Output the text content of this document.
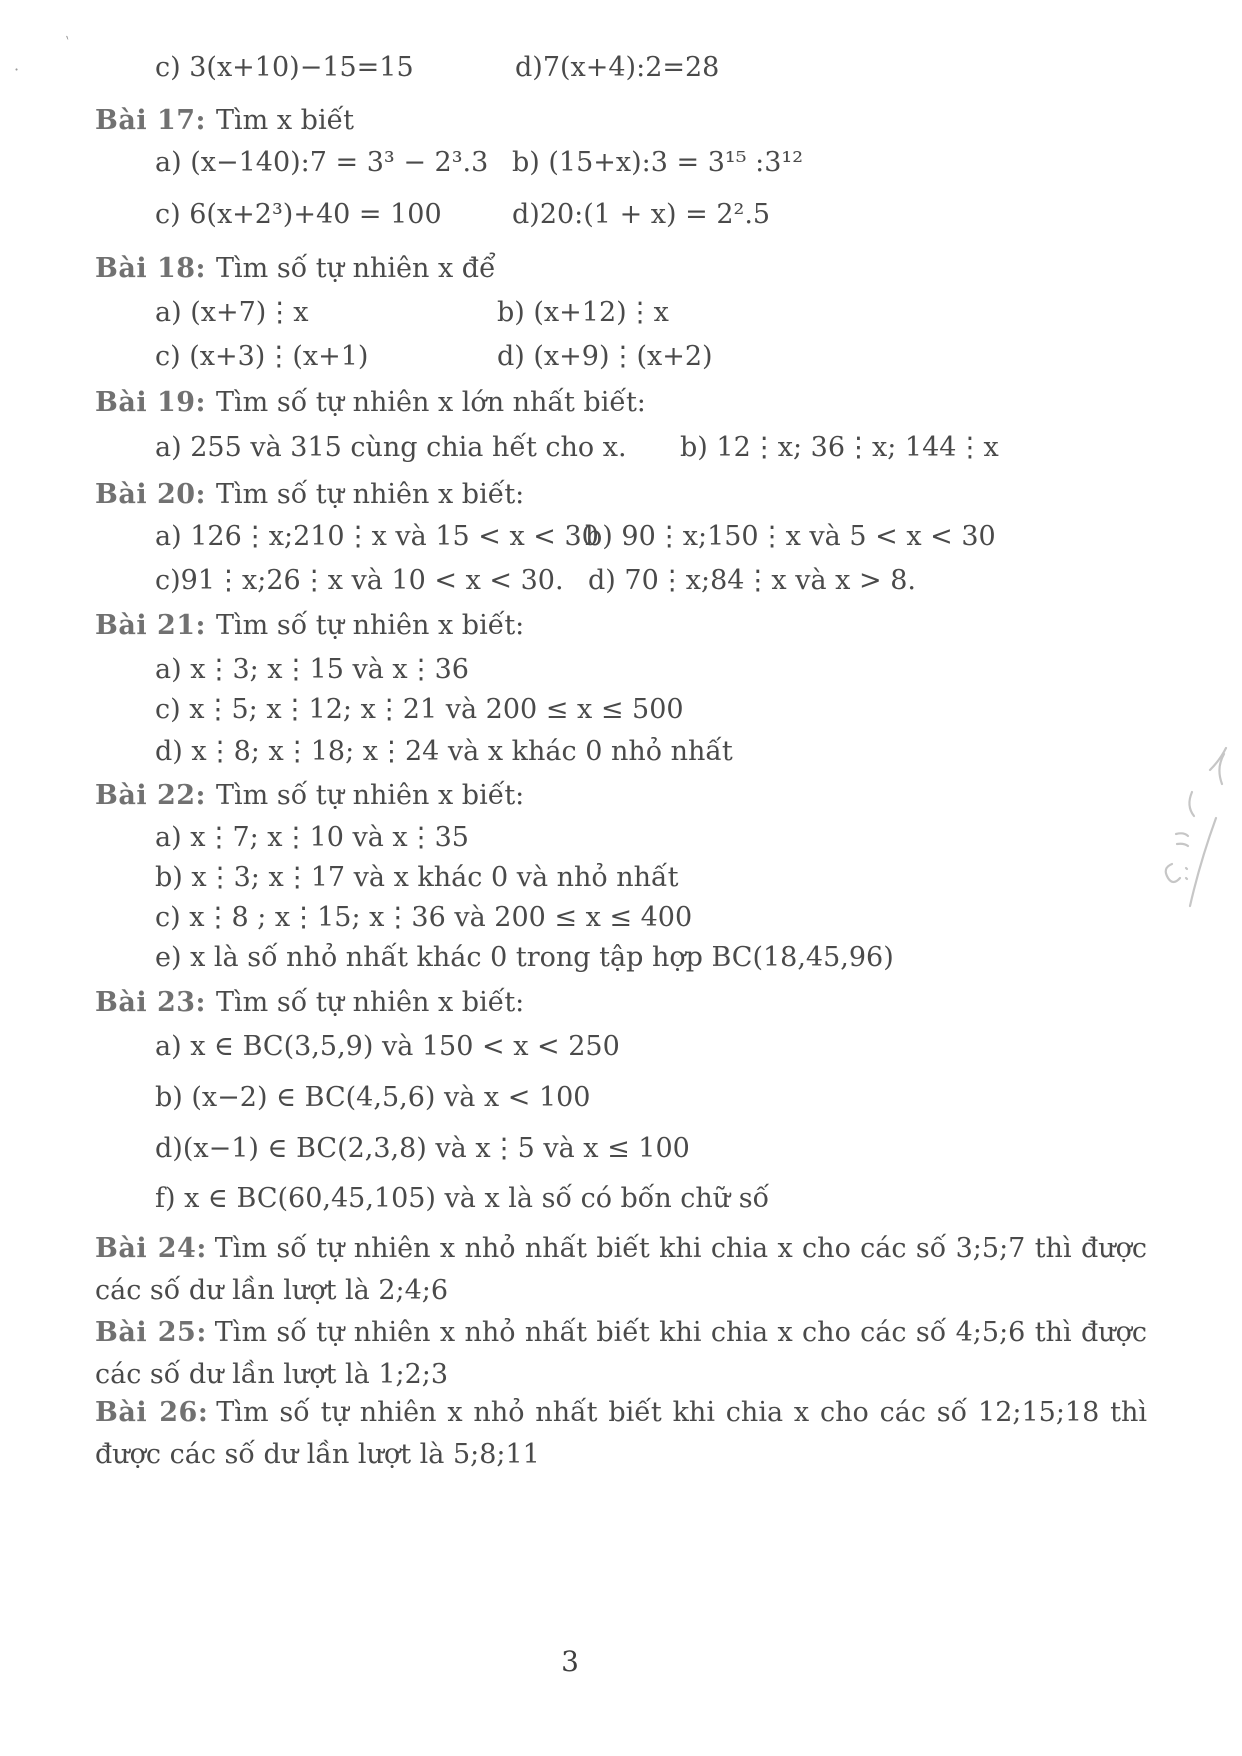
`
·	c) 3(x+10)−15=15	d)7(x+4):2=28
Bài 17: Tìm x biết
a) (x−140):7 = 3³ − 2³.3 b) (15+x):3 = 3¹⁵ :3¹²
c) 6(x+2³)+40 = 100	d)20:(1 + x) = 2².5
Bài 18: Tìm số tự nhiên x để
a) (x+7)⋮x	b) (x+12)⋮x
c) (x+3)⋮(x+1)	d) (x+9)⋮(x+2)
Bài 19: Tìm số tự nhiên x lớn nhất biết:
a) 255 và 315 cùng chia hết cho x. b) 12⋮x; 36⋮x; 144⋮x
Bài 20: Tìm số tự nhiên x biết:
a) 126⋮x;210⋮x và 15 < x < 30
b) 90⋮x;150⋮x và 5 < x < 30
c)91⋮x;26⋮x và 10 < x < 30. d) 70⋮x;84⋮x và x > 8.
Bài 21: Tìm số tự nhiên x biết:
a) x⋮3; x⋮15 và x⋮36
c) x⋮5; x⋮12; x⋮21 và 200 ≤ x ≤ 500
d) x⋮8; x⋮18; x⋮24 và x khác 0 nhỏ nhất
Bài 22: Tìm số tự nhiên x biết:
a) x⋮7; x⋮10 và x⋮35
b) x⋮3; x⋮17 và x khác 0 và nhỏ nhất
c) x⋮8 ; x⋮15; x⋮36 và 200 ≤ x ≤ 400
e) x là số nhỏ nhất khác 0 trong tập hợp BC(18,45,96)
Bài 23: Tìm số tự nhiên x biết:
a) x ∈ BC(3,5,9) và 150 < x < 250
b) (x−2) ∈ BC(4,5,6) và x < 100
d)(x−1) ∈ BC(2,3,8) và x⋮5 và x ≤ 100
f) x ∈ BC(60,45,105) và x là số có bốn chữ số
Bài 24: Tìm số tự nhiên x nhỏ nhất biết khi chia x cho các số 3;5;7 thì được các số dư lần lượt là 2;4;6
Bài 25: Tìm số tự nhiên x nhỏ nhất biết khi chia x cho các số 4;5;6 thì được các số dư lần lượt là 1;2;3
Bài 26: Tìm số tự nhiên x nhỏ nhất biết khi chia x cho các số 12;15;18 thì được các số dư lần lượt là 5;8;11
3
